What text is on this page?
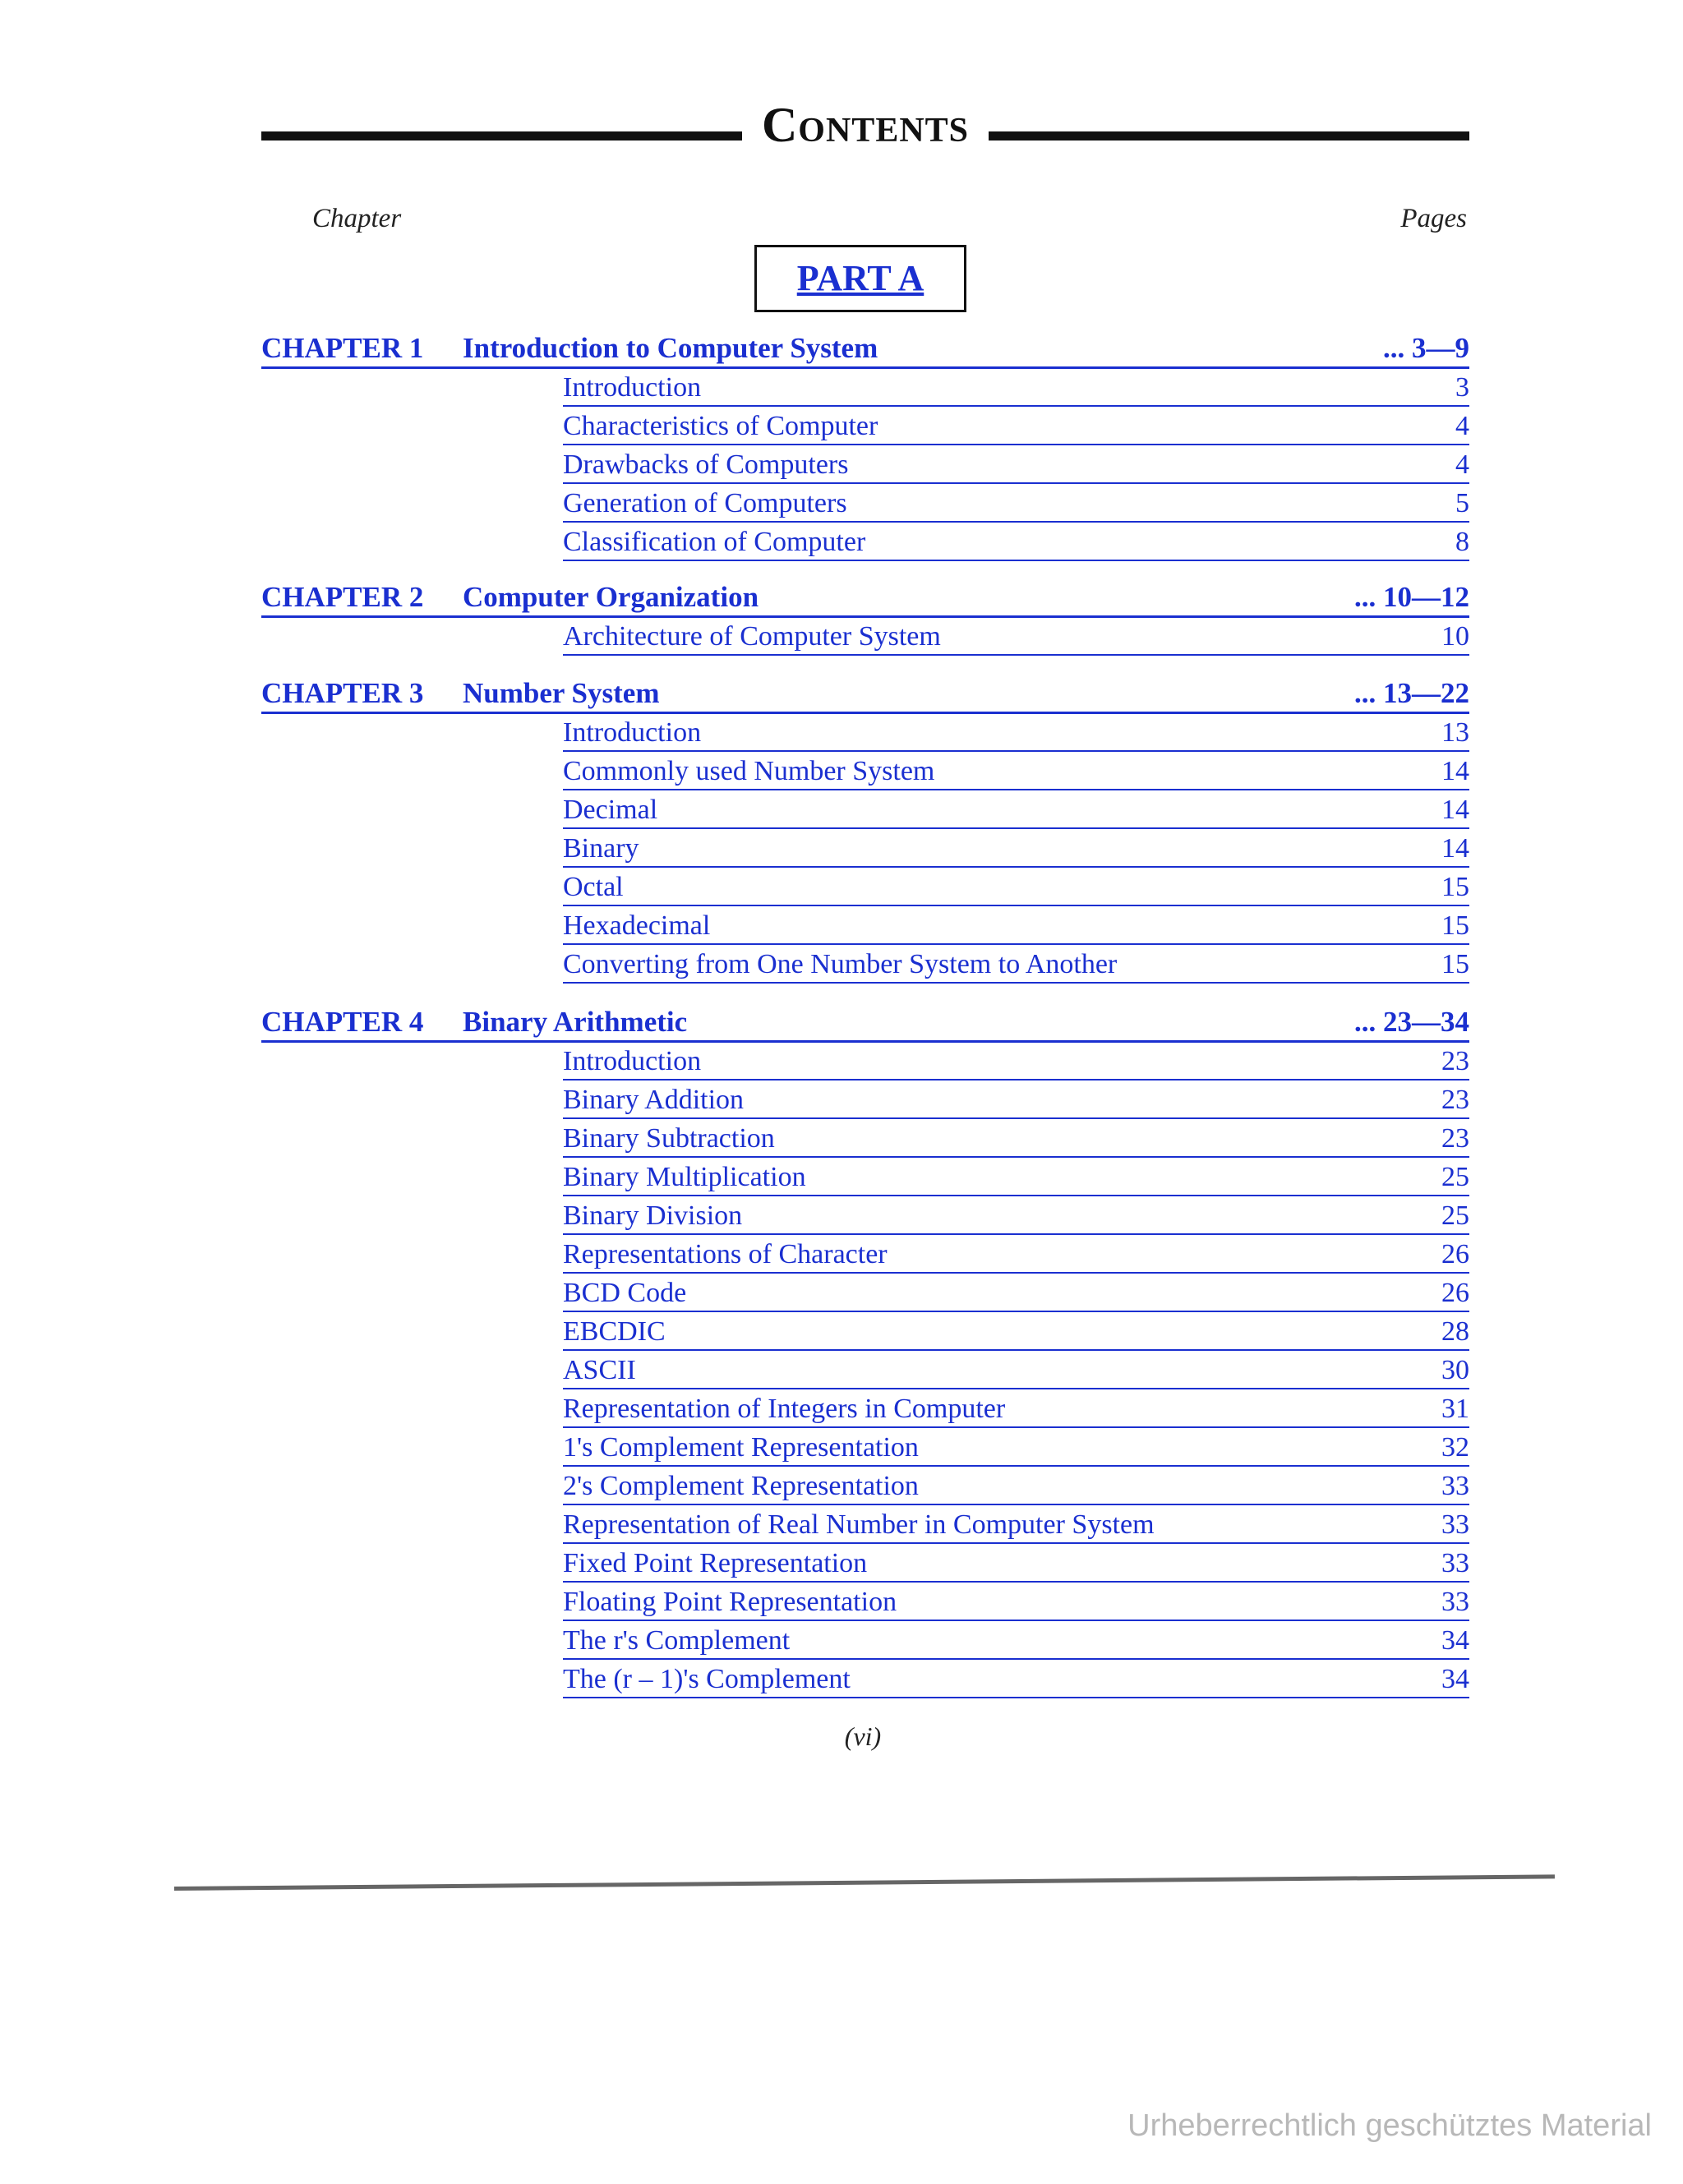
Contents
Chapter	Pages
PART A
CHAPTER 1 Introduction to Computer System	... 3—9
Introduction	3
Characteristics of Computer	4
Drawbacks of Computers	4
Generation of Computers	5
Classification of Computer	8
CHAPTER 2 Computer Organization	... 10—12
Architecture of Computer System	10
CHAPTER 3 Number System	... 13—22
Introduction	13
Commonly used Number System	14
Decimal	14
Binary	14
Octal	15
Hexadecimal	15
Converting from One Number System to Another	15
CHAPTER 4 Binary Arithmetic	... 23—34
Introduction	23
Binary Addition	23
Binary Subtraction	23
Binary Multiplication	25
Binary Division	25
Representations of Character	26
BCD Code	26
EBCDIC	28
ASCII	30
Representation of Integers in Computer	31
1's Complement Representation	32
2's Complement Representation	33
Representation of Real Number in Computer System	33
Fixed Point Representation	33
Floating Point Representation	33
The r's Complement	34
The (r – 1)'s Complement	34
(vi)
Urheberrechtlich geschütztes Material
